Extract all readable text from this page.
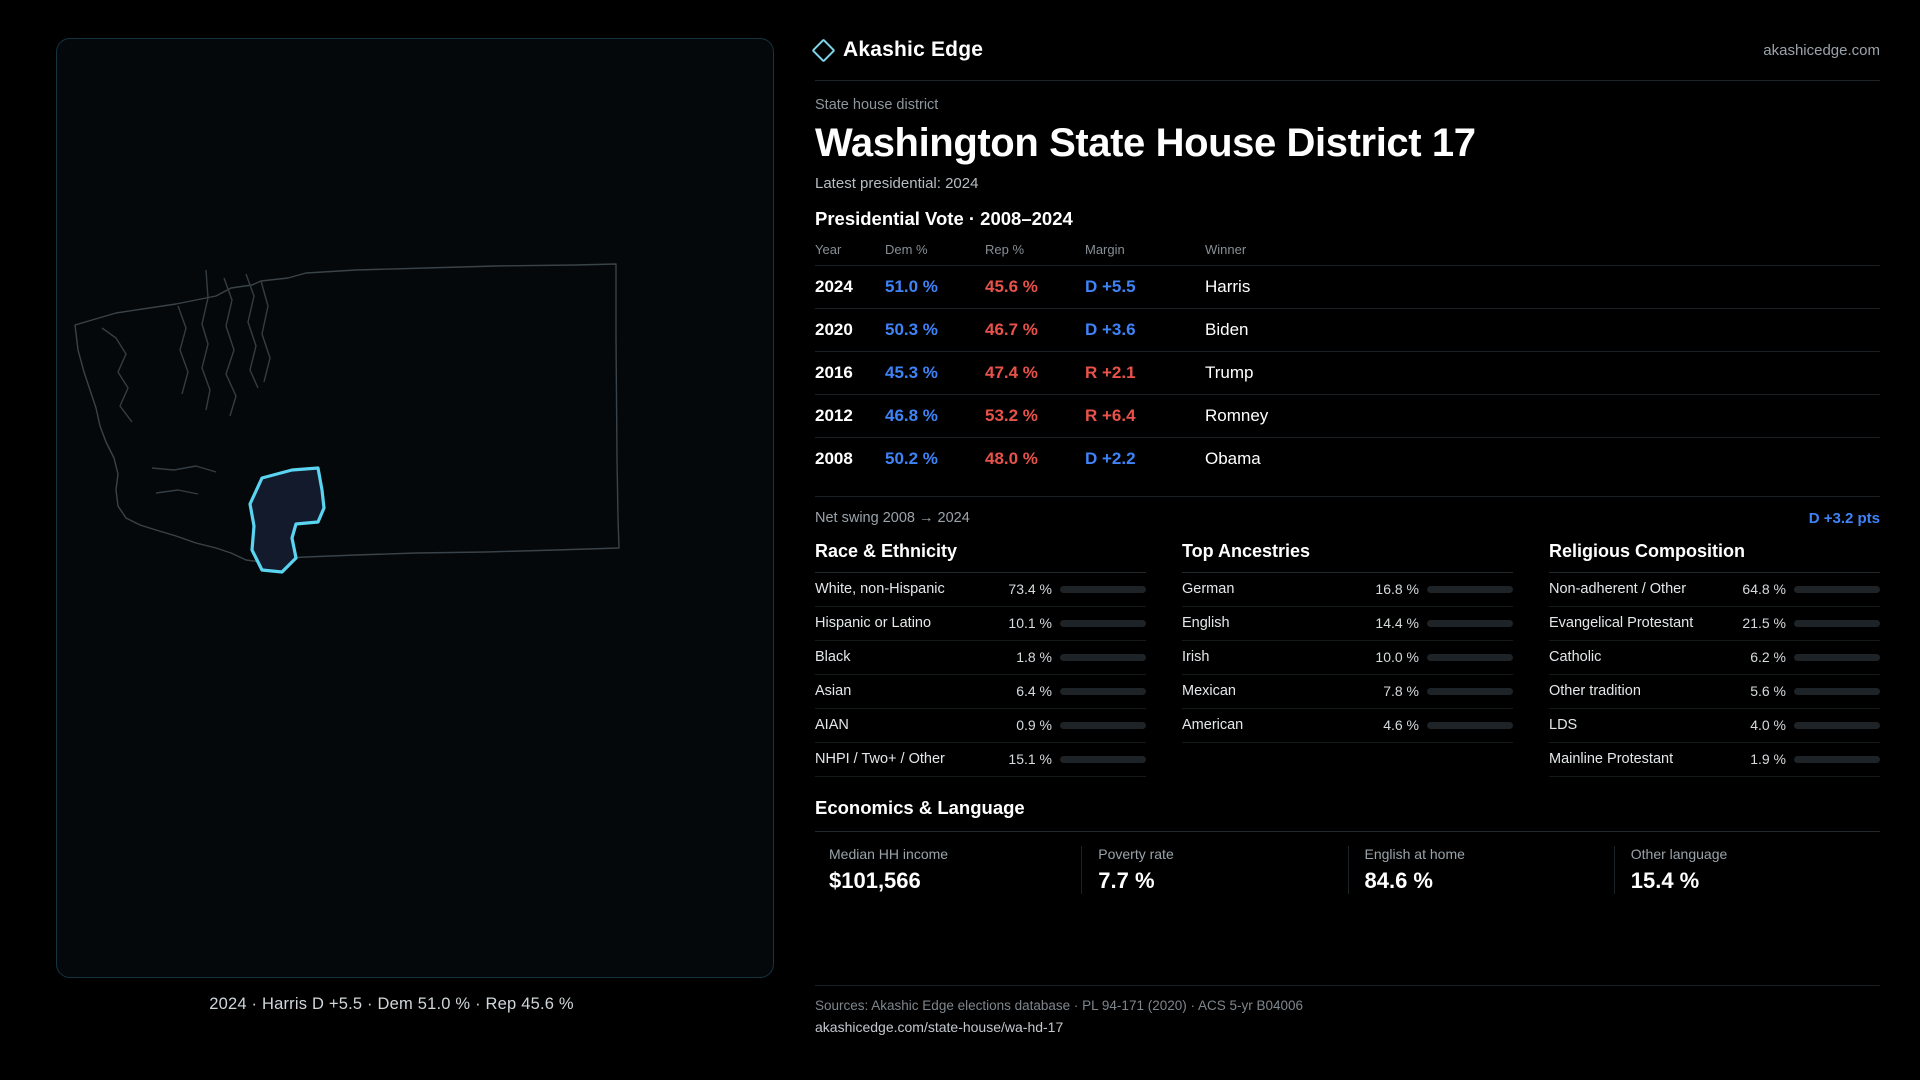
2024 · Harris D +5.5 · Dem 51.0 % · Rep 45.6 %
Akashic Edge	akashicedge.com
State house district
Washington State House District 17
Latest presidential: 2024
Presidential Vote · 2008–2024
Year	Dem %	Rep %	Margin	Winner
2024	51.0 %	45.6 %	D +5.5	Harris
2020	50.3 %	46.7 %	D +3.6	Biden
2016	45.3 %	47.4 %	R +2.1	Trump
2012	46.8 %	53.2 %	R +6.4	Romney
2008	50.2 %	48.0 %	D +2.2	Obama
Net swing 2008 → 2024	D +3.2 pts
Race & Ethnicity
White, non-Hispanic	73.4 %
Hispanic or Latino	10.1 %
Black	1.8 %
Asian	6.4 %
AIAN	0.9 %
NHPI / Two+ / Other	15.1 %
Top Ancestries
German	16.8 %
English	14.4 %
Irish	10.0 %
Mexican	7.8 %
American	4.6 %
Religious Composition
Non-adherent / Other	64.8 %
Evangelical Protestant	21.5 %
Catholic	6.2 %
Other tradition	5.6 %
LDS	4.0 %
Mainline Protestant	1.9 %
Economics & Language
Median HH income
$101,566
Poverty rate
7.7 %
English at home
84.6 %
Other language
15.4 %
Sources: Akashic Edge elections database · PL 94-171 (2020) · ACS 5-yr B04006
akashicedge.com/state-house/wa-hd-17
